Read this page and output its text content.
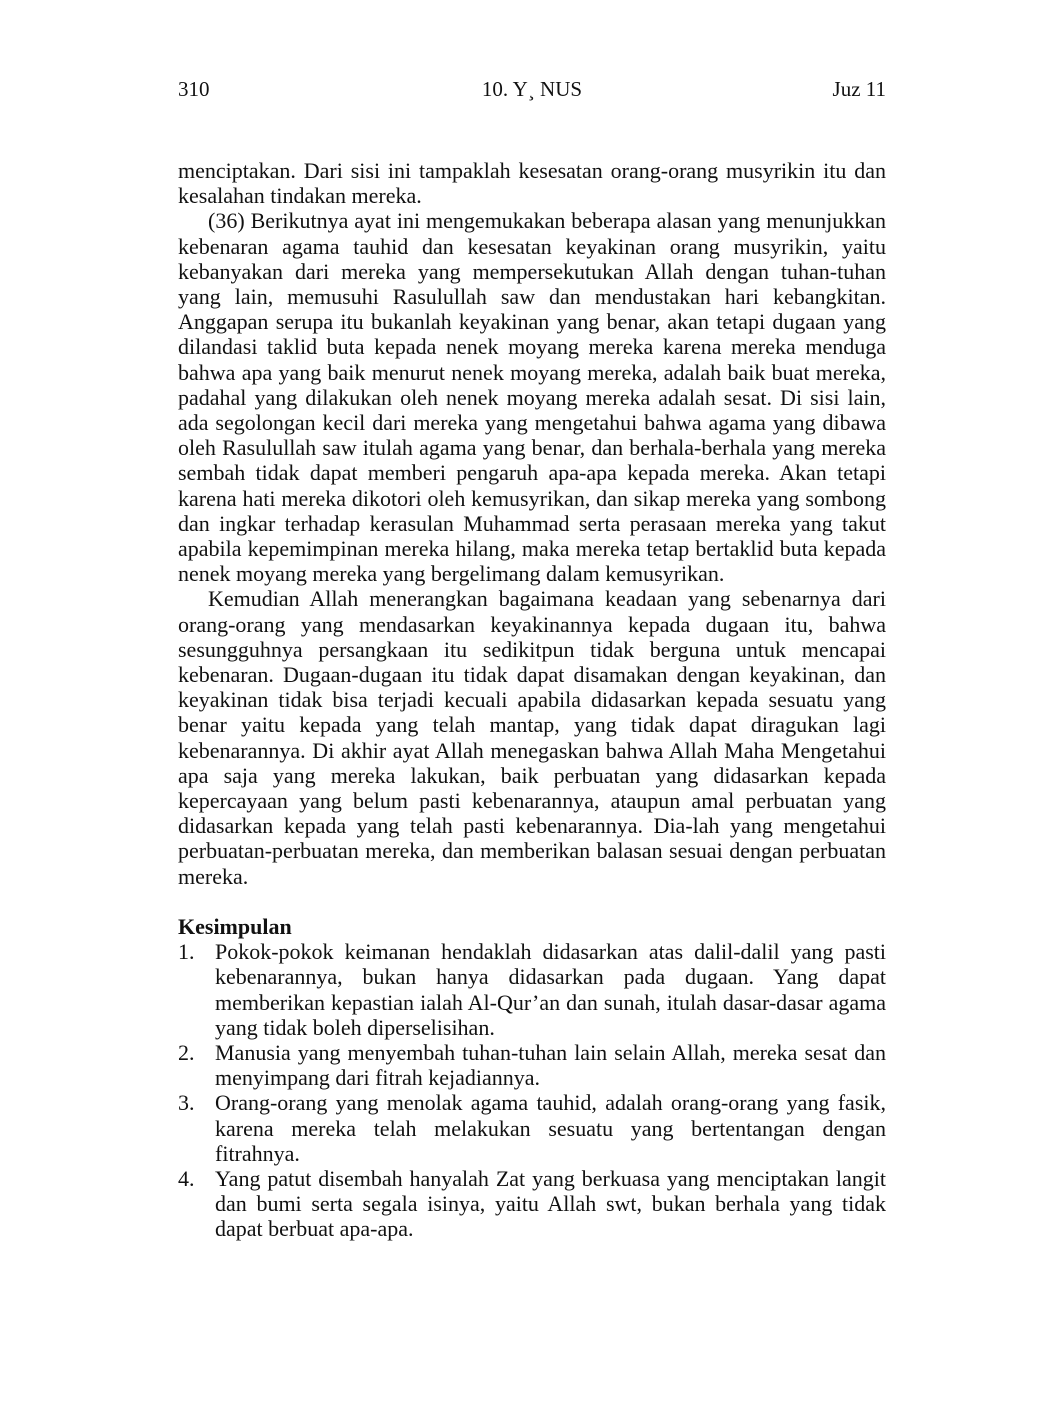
310	10. Y¸ NUS	Juz 11

menciptakan. Dari sisi ini tampaklah kesesatan orang-orang musyrikin itu dan kesalahan tindakan mereka.

(36) Berikutnya ayat ini mengemukakan beberapa alasan yang menunjukkan kebenaran agama tauhid dan kesesatan keyakinan orang musyrikin, yaitu kebanyakan dari mereka yang mempersekutukan Allah dengan tuhan-tuhan yang lain, memusuhi Rasulullah saw dan mendustakan hari kebangkitan. Anggapan serupa itu bukanlah keyakinan yang benar, akan tetapi dugaan yang dilandasi taklid buta kepada nenek moyang mereka karena mereka menduga bahwa apa yang baik menurut nenek moyang mereka, adalah baik buat mereka, padahal yang dilakukan oleh nenek moyang mereka adalah sesat. Di sisi lain, ada segolongan kecil dari mereka yang mengetahui bahwa agama yang dibawa oleh Rasulullah saw itulah agama yang benar, dan berhala-berhala yang mereka sembah tidak dapat memberi pengaruh apa-apa kepada mereka. Akan tetapi karena hati mereka dikotori oleh kemusyrikan, dan sikap mereka yang sombong dan ingkar terhadap kerasulan Muhammad serta perasaan mereka yang takut apabila kepemimpinan mereka hilang, maka mereka tetap bertaklid buta kepada nenek moyang mereka yang bergelimang dalam kemusyrikan.

Kemudian Allah menerangkan bagaimana keadaan yang sebenarnya dari orang-orang yang mendasarkan keyakinannya kepada dugaan itu, bahwa sesungguhnya persangkaan itu sedikitpun tidak berguna untuk mencapai kebenaran. Dugaan-dugaan itu tidak dapat disamakan dengan keyakinan, dan keyakinan tidak bisa terjadi kecuali apabila didasarkan kepada sesuatu yang benar yaitu kepada yang telah mantap, yang tidak dapat diragukan lagi kebenarannya. Di akhir ayat Allah menegaskan bahwa Allah Maha Mengetahui apa saja yang mereka lakukan, baik perbuatan yang didasarkan kepada kepercayaan yang belum pasti kebenarannya, ataupun amal perbuatan yang didasarkan kepada yang telah pasti kebenarannya. Dia-lah yang mengetahui perbuatan-perbuatan mereka, dan memberikan balasan sesuai dengan perbuatan mereka.

Kesimpulan
1. Pokok-pokok keimanan hendaklah didasarkan atas dalil-dalil yang pasti kebenarannya, bukan hanya didasarkan pada dugaan. Yang dapat memberikan kepastian ialah Al-Qur’an dan sunah, itulah dasar-dasar agama yang tidak boleh diperselisihan.
2. Manusia yang menyembah tuhan-tuhan lain selain Allah, mereka sesat dan menyimpang dari fitrah kejadiannya.
3. Orang-orang yang menolak agama tauhid, adalah orang-orang yang fasik, karena mereka telah melakukan sesuatu yang bertentangan dengan fitrahnya.
4. Yang patut disembah hanyalah Zat yang berkuasa yang menciptakan langit dan bumi serta segala isinya, yaitu Allah swt, bukan berhala yang tidak dapat berbuat apa-apa.
